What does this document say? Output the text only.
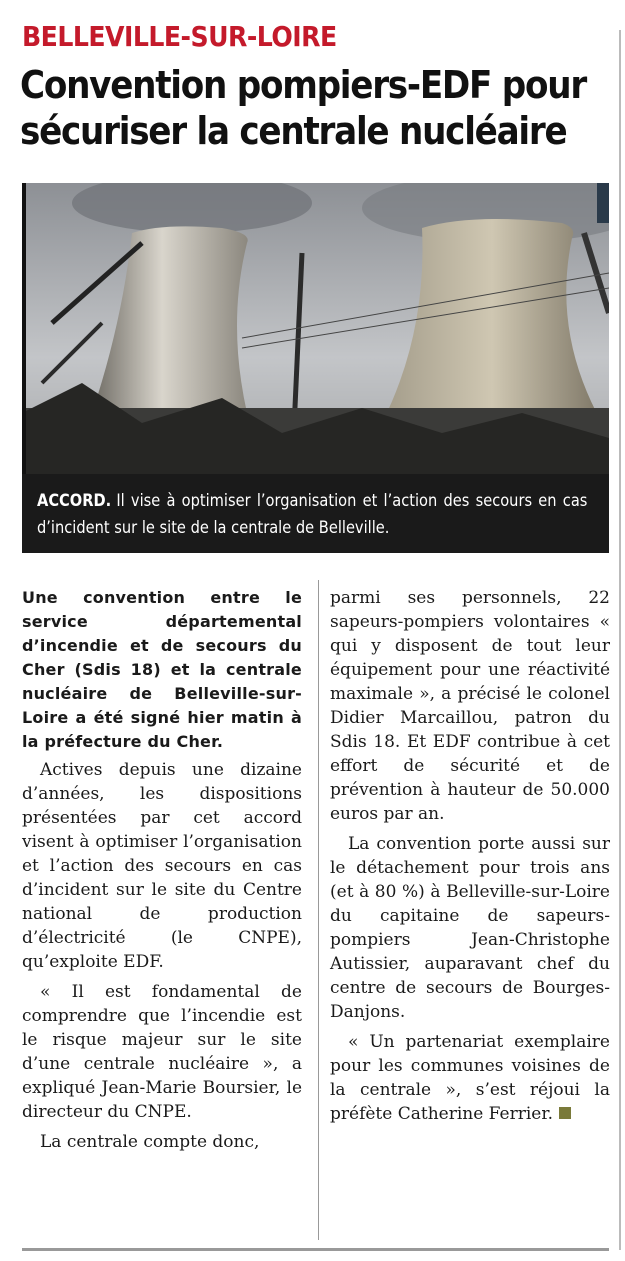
BELLEVILLE-SUR-LOIRE
Convention pompiers-EDF pour
sécuriser la centrale nucléaire
ACCORD. Il vise à optimiser l’organisation et l’action des secours en cas d’incident sur le site de la centrale de Belleville.

Une convention entre le service départemental d’incendie et de secours du Cher (Sdis 18) et la centrale nucléaire de Belleville-sur-Loire a été signé hier matin à la préfecture du Cher.

Actives depuis une dizaine d’années, les dispositions présentées par cet accord visent à optimiser l’organisation et l’action des secours en cas d’incident sur le site du Centre national de production d’électricité (le CNPE), qu’exploite EDF.

« Il est fondamental de comprendre que l’incendie est le risque majeur sur le site d’une centrale nucléaire », a expliqué Jean-Marie Boursier, le directeur du CNPE.

La centrale compte donc,

parmi ses personnels, 22 sapeurs-pompiers volontaires « qui y disposent de tout leur équipement pour une réactivité maximale », a précisé le colonel Didier Marcaillou, patron du Sdis 18. Et EDF contribue à cet effort de sécurité et de prévention à hauteur de 50.000 euros par an.

La convention porte aussi sur le détachement pour trois ans (et à 80 %) à Belleville-sur-Loire du capitaine de sapeurs-pompiers Jean-Christophe Autissier, auparavant chef du centre de secours de Bourges-Danjons.

« Un partenariat exemplaire pour les communes voisines de la centrale », s’est réjoui la préfète Catherine Ferrier.
